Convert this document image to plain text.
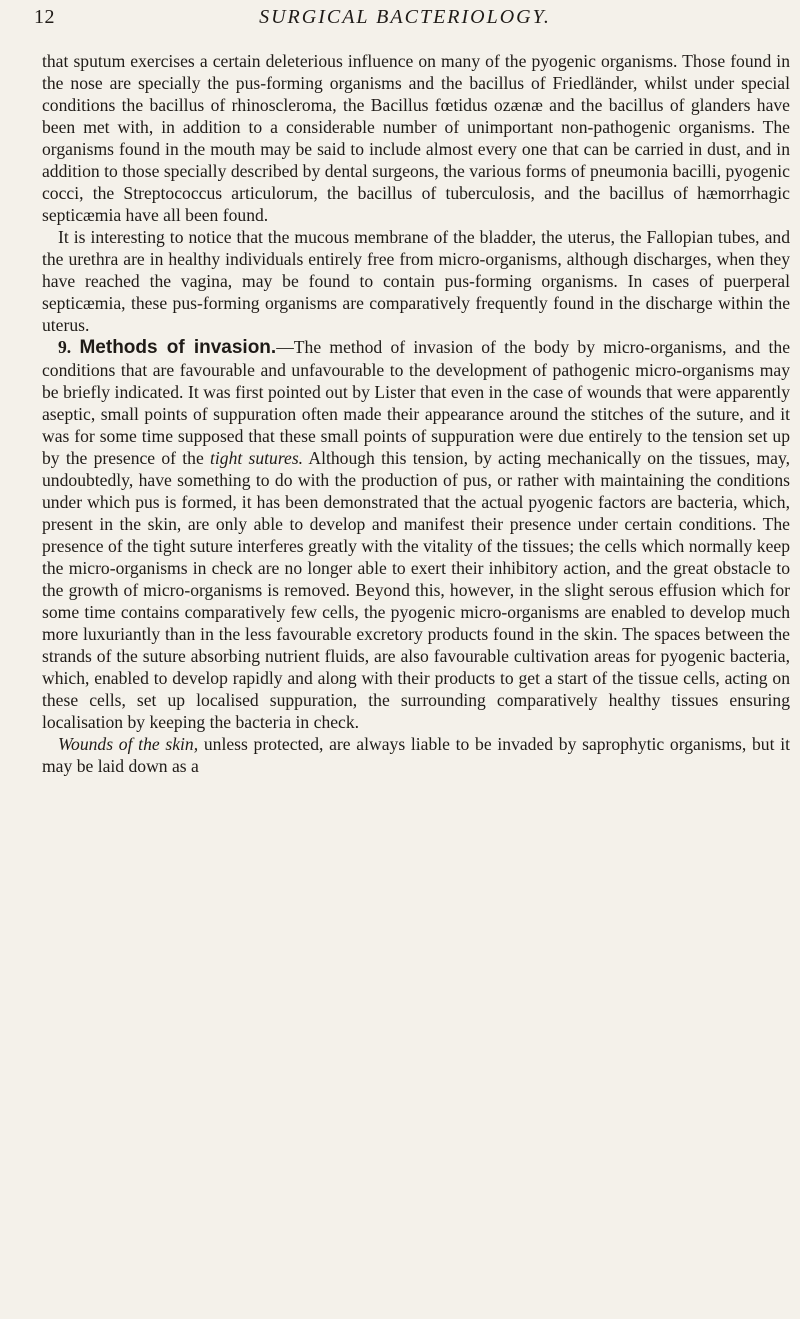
12	SURGICAL BACTERIOLOGY.

that sputum exercises a certain deleterious influence on many of the pyogenic organisms. Those found in the nose are specially the pus-forming organisms and the bacillus of Friedländer, whilst under special conditions the bacillus of rhinoscleroma, the Bacillus fœtidus ozænæ and the bacillus of glanders have been met with, in addition to a considerable number of unimportant non-pathogenic organisms. The organisms found in the mouth may be said to include almost every one that can be carried in dust, and in addition to those specially described by dental surgeons, the various forms of pneumonia bacilli, pyogenic cocci, the Streptococcus articulorum, the bacillus of tuberculosis, and the bacillus of hæmorrhagic septicæmia have all been found.

It is interesting to notice that the mucous membrane of the bladder, the uterus, the Fallopian tubes, and the urethra are in healthy individuals entirely free from micro-organisms, although discharges, when they have reached the vagina, may be found to contain pus-forming organisms. In cases of puerperal septicæmia, these pus-forming organisms are comparatively frequently found in the discharge within the uterus.

9. Methods of invasion.—The method of invasion of the body by micro-organisms, and the conditions that are favourable and unfavourable to the development of pathogenic micro-organisms may be briefly indicated. It was first pointed out by Lister that even in the case of wounds that were apparently aseptic, small points of suppuration often made their appearance around the stitches of the suture, and it was for some time supposed that these small points of suppuration were due entirely to the tension set up by the presence of the tight sutures. Although this tension, by acting mechanically on the tissues, may, undoubtedly, have something to do with the production of pus, or rather with maintaining the conditions under which pus is formed, it has been demonstrated that the actual pyogenic factors are bacteria, which, present in the skin, are only able to develop and manifest their presence under certain conditions. The presence of the tight suture interferes greatly with the vitality of the tissues; the cells which normally keep the micro-organisms in check are no longer able to exert their inhibitory action, and the great obstacle to the growth of micro-organisms is removed. Beyond this, however, in the slight serous effusion which for some time contains comparatively few cells, the pyogenic micro-organisms are enabled to develop much more luxuriantly than in the less favourable excretory products found in the skin. The spaces between the strands of the suture absorbing nutrient fluids, are also favourable cultivation areas for pyogenic bacteria, which, enabled to develop rapidly and along with their products to get a start of the tissue cells, acting on these cells, set up localised suppuration, the surrounding comparatively healthy tissues ensuring localisation by keeping the bacteria in check.

Wounds of the skin, unless protected, are always liable to be invaded by saprophytic organisms, but it may be laid down as a
